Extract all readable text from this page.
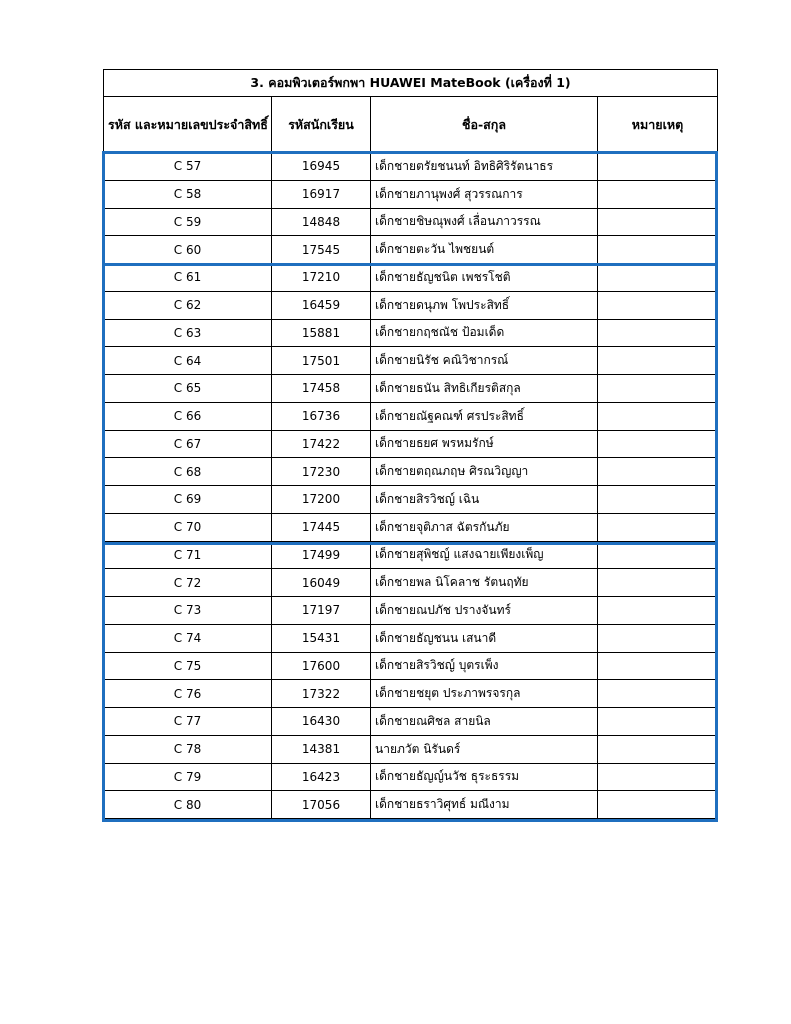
3. คอมพิวเตอร์พกพา HUAWEI MateBook (เครื่องที่ 1)			
รหัส และหมายเลขประจำสิทธิ์	รหัสนักเรียน	ชื่อ-สกุล	หมายเหตุ
C 57	16945	เด็กชายตรัยชนนท์ อิทธิศิริรัตนาธร	
C 58	16917	เด็กชายภานุพงศ์ สุวรรณการ	
C 59	14848	เด็กชายชิษณุพงศ์ เลื่อนภาวรรณ	
C 60	17545	เด็กชายตะวัน ไพชยนต์	
C 61	17210	เด็กชายธัญชนิต เพชรโชติ	
C 62	16459	เด็กชายดนุภพ โพประสิทธิ์	
C 63	15881	เด็กชายกฤชณัช ป้อมเด็ด	
C 64	17501	เด็กชายนิรัช คณิวิชากรณ์	
C 65	17458	เด็กชายธนัน สิทธิเกียรติสกุล	
C 66	16736	เด็กชายณัฐคณฑ์ ศรประสิทธิ์	
C 67	17422	เด็กชายธยศ พรหมรักษ์	
C 68	17230	เด็กชายตฤณภฤษ ศิรณวิญญา	
C 69	17200	เด็กชายสิรวิชญ์ เฉิน	
C 70	17445	เด็กชายจุติภาส ฉัตรกันภัย	
C 71	17499	เด็กชายสุพิชญ์ แสงฉายเพียงเพ็ญ	
C 72	16049	เด็กชายพล นิโคลาช รัตนฤทัย	
C 73	17197	เด็กชายณปภัช ปรางจันทร์	
C 74	15431	เด็กชายธัญชนน เสนาดี	
C 75	17600	เด็กชายสิรวิชญ์ บุตรเพ็ง	
C 76	17322	เด็กชายชยุต ประภาพรจรกุล	
C 77	16430	เด็กชายณศิชล สายนิล	
C 78	14381	นายภวัต นิรันดร์	
C 79	16423	เด็กชายธัญญ์นวัช ธุระธรรม	
C 80	17056	เด็กชายธราวิศุทธ์ มณีงาม	
